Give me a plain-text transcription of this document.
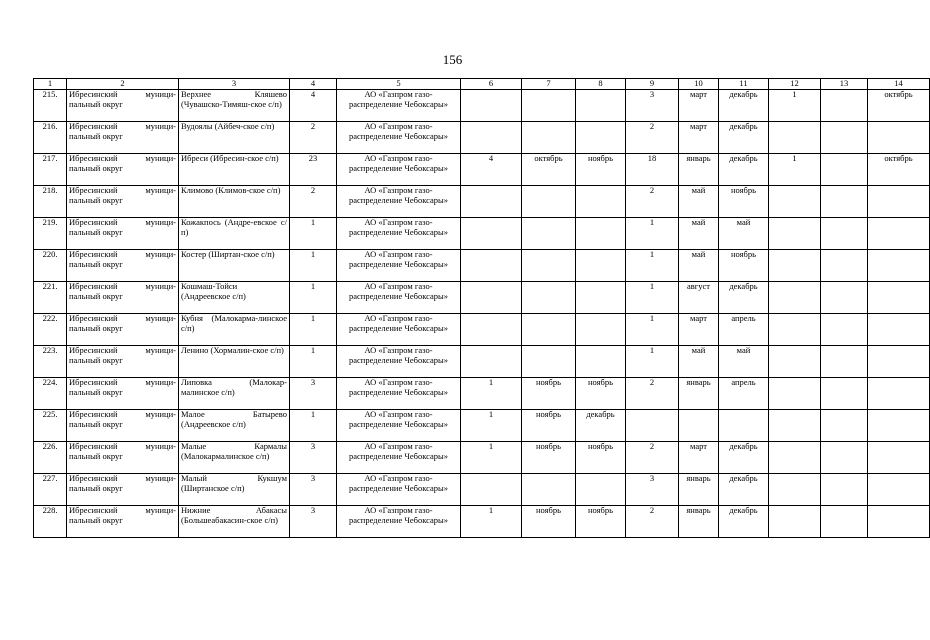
156
1	2	3	4	5	6	7	8	9	10	11	12	13	14
215.	Ибресинский муници-пальный округ	Верхнее Кляшево (Чувашско-Тимяш-ское с/п)	4	АО «Газпром газо-распределение Чебоксары»				3	март	декабрь	1		октябрь
216.	Ибресинский муници-пальный округ	Вудоялы (Айбеч-ское с/п)	2	АО «Газпром газо-распределение Чебоксары»				2	март	декабрь			
217.	Ибресинский муници-пальный округ	Ибреси (Ибресин-ское с/п)	23	АО «Газпром газо-распределение Чебоксары»	4	октябрь	ноябрь	18	январь	декабрь	1		октябрь
218.	Ибресинский муници-пальный округ	Климово (Климов-ское с/п)	2	АО «Газпром газо-распределение Чебоксары»				2	май	ноябрь			
219.	Ибресинский муници-пальный округ	Кожакпось (Андре-евское с/п)	1	АО «Газпром газо-распределение Чебоксары»				1	май	май			
220.	Ибресинский муници-пальный округ	Костер (Ширтан-ское с/п)	1	АО «Газпром газо-распределение Чебоксары»				1	май	ноябрь			
221.	Ибресинский муници-пальный округ	Кошмаш-Тойси (Андреевское с/п)	1	АО «Газпром газо-распределение Чебоксары»				1	август	декабрь			
222.	Ибресинский муници-пальный округ	Кубня (Малокарма-линское с/п)	1	АО «Газпром газо-распределение Чебоксары»				1	март	апрель			
223.	Ибресинский муници-пальный округ	Ленино (Хормалин-ское с/п)	1	АО «Газпром газо-распределение Чебоксары»				1	май	май			
224.	Ибресинский муници-пальный округ	Липовка (Малокар-малинское с/п)	3	АО «Газпром газо-распределение Чебоксары»	1	ноябрь	ноябрь	2	январь	апрель			
225.	Ибресинский муници-пальный округ	Малое Батырево (Андреевское с/п)	1	АО «Газпром газо-распределение Чебоксары»	1	ноябрь	декабрь						
226.	Ибресинский муници-пальный округ	Малые Кармалы (Малокармалинское с/п)	3	АО «Газпром газо-распределение Чебоксары»	1	ноябрь	ноябрь	2	март	декабрь			
227.	Ибресинский муници-пальный округ	Малый Кукшум (Ширтанское с/п)	3	АО «Газпром газо-распределение Чебоксары»				3	январь	декабрь			
228.	Ибресинский муници-пальный округ	Нижние Абакасы (Большеабакасин-ское с/п)	3	АО «Газпром газо-распределение Чебоксары»	1	ноябрь	ноябрь	2	январь	декабрь			
